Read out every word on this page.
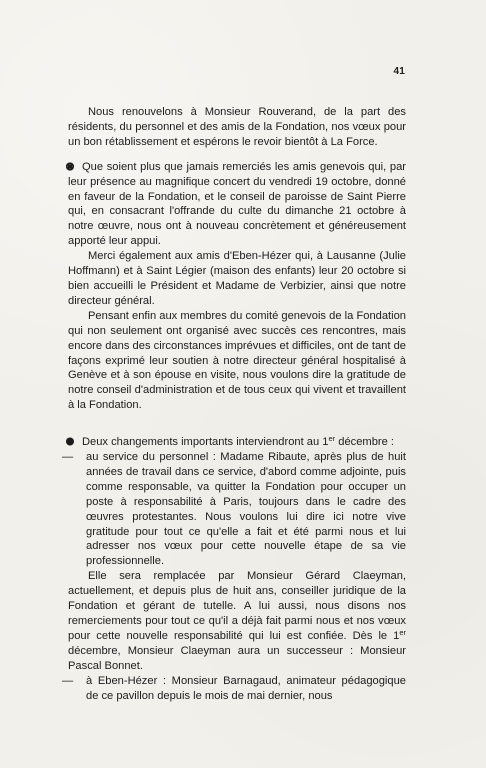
41

Nous renouvelons à Monsieur Rouverand, de la part des résidents, du personnel et des amis de la Fondation, nos vœux pour un bon rétablissement et espérons le revoir bientôt à La Force.

Que soient plus que jamais remerciés les amis genevois qui, par leur présence au magnifique concert du vendredi 19 octobre, donné en faveur de la Fondation, et le conseil de paroisse de Saint Pierre qui, en consacrant l'offrande du culte du dimanche 21 octobre à notre œuvre, nous ont à nouveau concrètement et généreusement apporté leur appui.

Merci également aux amis d'Eben-Hézer qui, à Lausanne (Julie Hoffmann) et à Saint Légier (maison des enfants) leur 20 octobre si bien accueilli le Président et Madame de Verbizier, ainsi que notre directeur général.

Pensant enfin aux membres du comité genevois de la Fondation qui non seulement ont organisé avec succès ces rencontres, mais encore dans des circonstances imprévues et difficiles, ont de tant de façons exprimé leur soutien à notre directeur général hospitalisé à Genève et à son épouse en visite, nous voulons dire la gratitude de notre conseil d'administration et de tous ceux qui vivent et travaillent à la Fondation.

Deux changements importants interviendront au 1er décembre :

— au service du personnel : Madame Ribaute, après plus de huit années de travail dans ce service, d'abord comme adjointe, puis comme responsable, va quitter la Fondation pour occuper un poste à responsabilité à Paris, toujours dans le cadre des œuvres protestantes. Nous voulons lui dire ici notre vive gratitude pour tout ce qu'elle a fait et été parmi nous et lui adresser nos vœux pour cette nouvelle étape de sa vie professionnelle.

Elle sera remplacée par Monsieur Gérard Claeyman, actuellement, et depuis plus de huit ans, conseiller juridique de la Fondation et gérant de tutelle. A lui aussi, nous disons nos remerciements pour tout ce qu'il a déjà fait parmi nous et nos vœux pour cette nouvelle responsabilité qui lui est confiée. Dès le 1er décembre, Monsieur Claeyman aura un successeur : Monsieur Pascal Bonnet.

— à Eben-Hézer : Monsieur Barnagaud, animateur pédagogique de ce pavillon depuis le mois de mai dernier, nous
